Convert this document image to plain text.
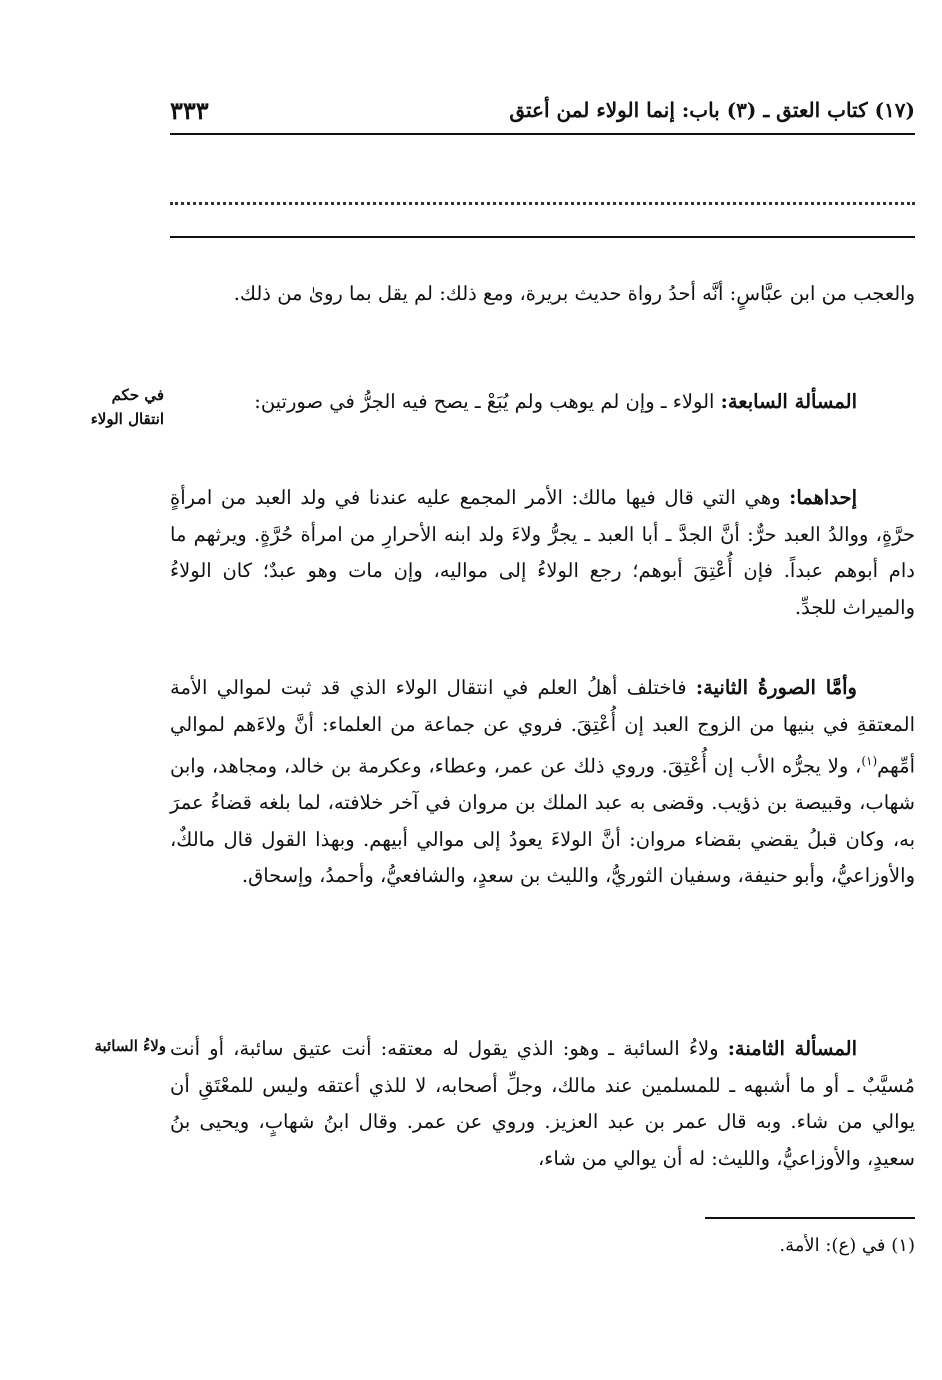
٣٣٣	(١٧) كتاب العتق ـ (٣) باب: إنما الولاء لمن أعتق

والعجب من ابن عبَّاسٍ: أنَّه أحدُ رواة حديث بريرة، ومع ذلك: لم يقل بما روىٰ من ذلك.

المسألة السابعة: الولاء ـ وإن لم يوهب ولم يُبَعْ ـ يصح فيه الجرُّ في صورتين:

في حكم انتقال الولاء

إحداهما: وهي التي قال فيها مالك: الأمر المجمع عليه عندنا في ولد العبد من امرأةٍ حرَّةٍ، ووالدُ العبد حرٌّ: أنَّ الجدَّ ـ أبا العبد ـ يجرُّ ولاءَ ولد ابنه الأحرارِ من امرأة حُرَّةٍ. ويرثهم ما دام أبوهم عبداً. فإن أُعْتِقَ أبوهم؛ رجع الولاءُ إلى مواليه، وإن مات وهو عبدٌ؛ كان الولاءُ والميراث للجدِّ.

وأمَّا الصورةُ الثانية: فاختلف أهلُ العلم في انتقال الولاء الذي قد ثبت لموالي الأمة المعتقةِ في بنيها من الزوج العبد إن أُعْتِقَ. فروي عن جماعة من العلماء: أنَّ ولاءَهم لموالي أمِّهم$^{(١)}$، ولا يجرُّه الأب إن أُعْتِقَ. وروي ذلك عن عمر، وعطاء، وعكرمة بن خالد، ومجاهد، وابن شهاب، وقبيصة بن ذؤيب. وقضى به عبد الملك بن مروان في آخر خلافته، لما بلغه قضاءُ عمرَ به، وكان قبلُ يقضي بقضاء مروان: أنَّ الولاءَ يعودُ إلى موالي أبيهم. وبهذا القول قال مالكٌ، والأوزاعيُّ، وأبو حنيفة، وسفيان الثوريُّ، والليث بن سعدٍ، والشافعيُّ، وأحمدُ، وإسحاق.

المسألة الثامنة: ولاءُ السائبة ـ وهو: الذي يقول له معتقه: أنت عتيق سائبة، أو أنت مُسيَّبٌ ـ أو ما أشبهه ـ للمسلمين عند مالك، وجلِّ أصحابه، لا للذي أعتقه وليس للمعْتَقِ أن يوالي من شاء. وبه قال عمر بن عبد العزيز. وروي عن عمر. وقال ابنُ شهابٍ، ويحيى بنُ سعيدٍ، والأوزاعيُّ، والليث: له أن يوالي من شاء،

ولاءُ السائبة
(١) في (ع): الأمة.
